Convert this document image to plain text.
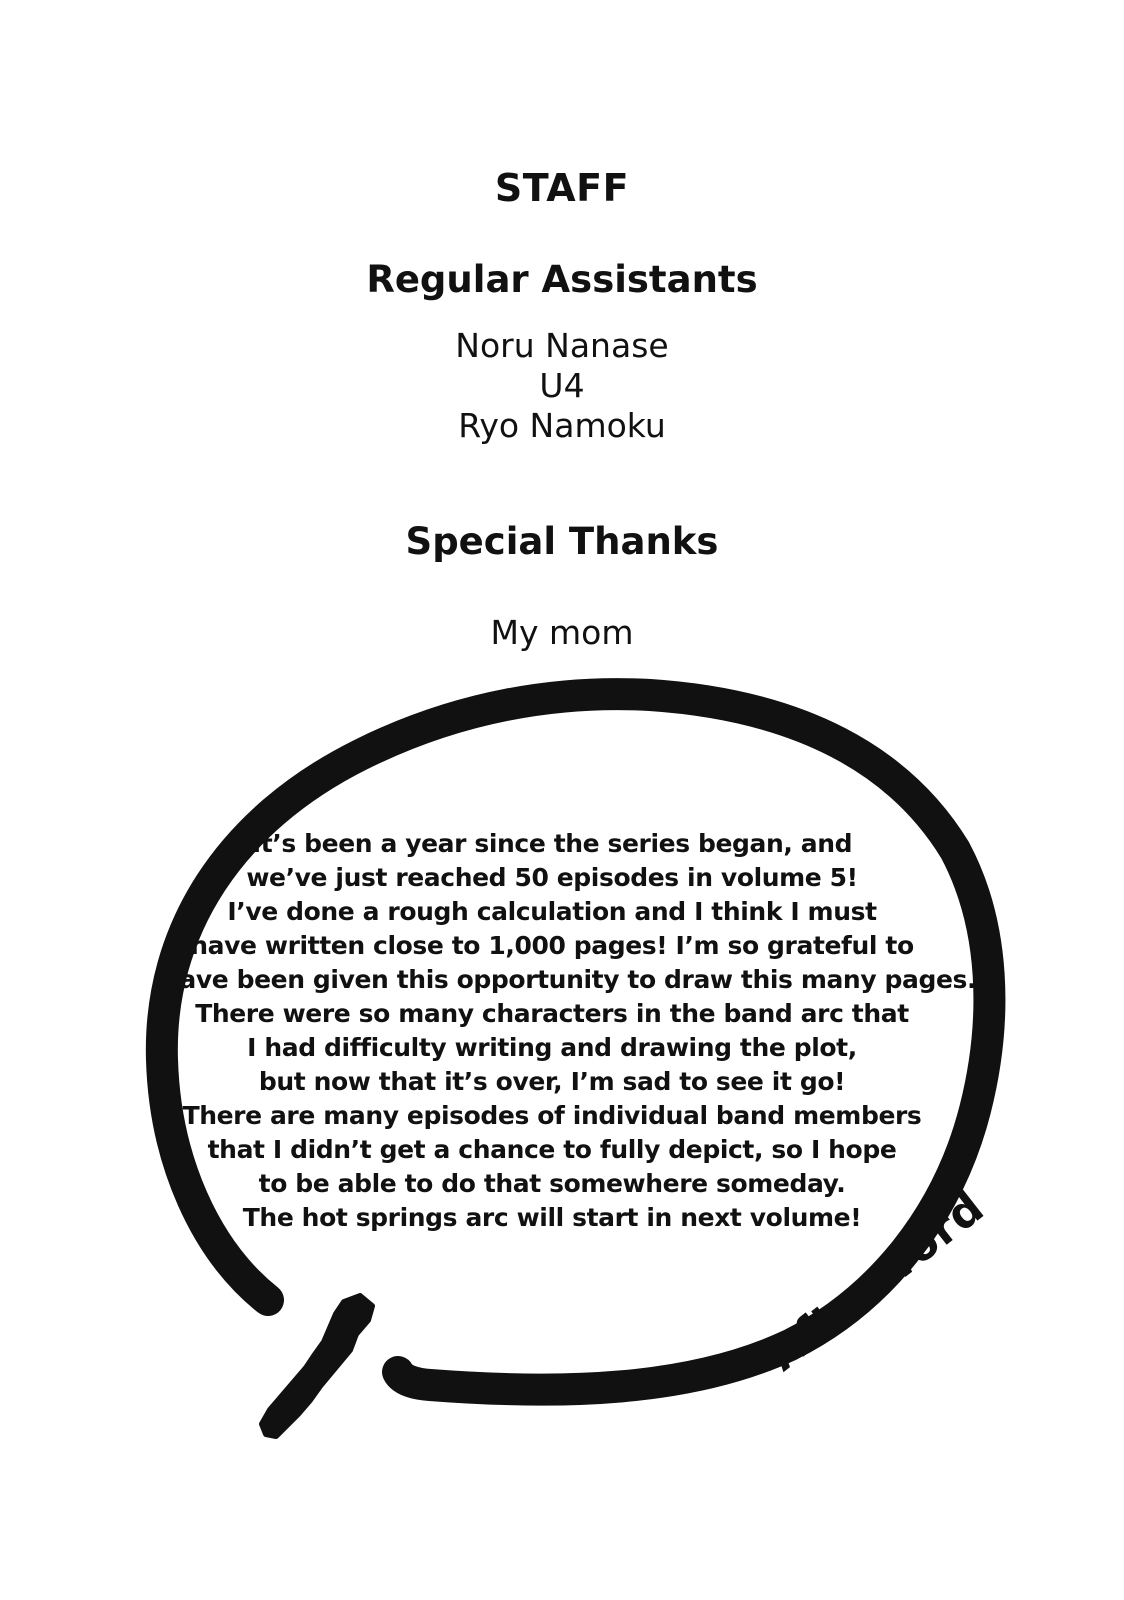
STAFF
Regular Assistants
Noru Nanase
U4
Ryo Namoku
Special Thanks
My mom
It’s been a year since the series began, and
we’ve just reached 50 episodes in volume 5!
I’ve done a rough calculation and I think I must
have written close to 1,000 pages! I’m so grateful to
have been given this opportunity to draw this many pages.
There were so many characters in the band arc that
I had difficulty writing and drawing the plot,
but now that it’s over, I’m sad to see it go!
There are many episodes of individual band members
that I didn’t get a chance to fully depict, so I hope
to be able to do that somewhere someday.
The hot springs arc will start in next volume!
Afterword
